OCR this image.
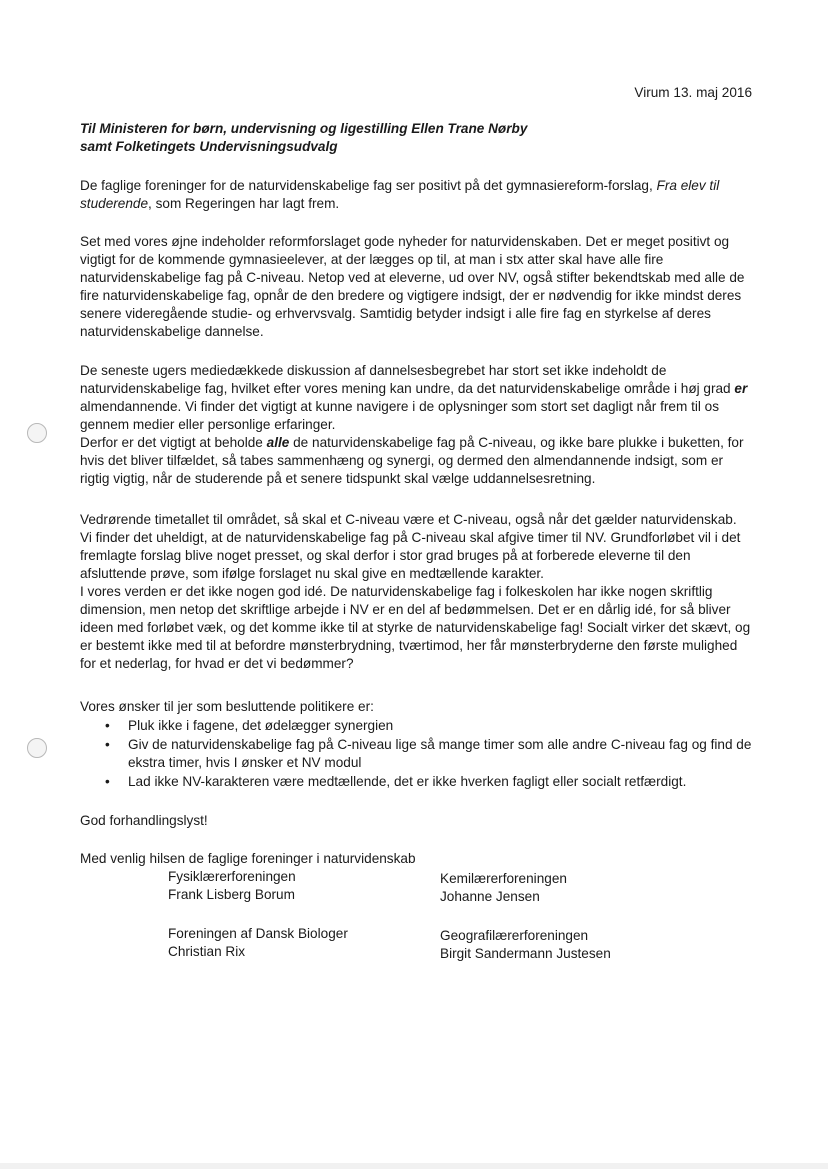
Virum 13. maj 2016
Til Ministeren for børn, undervisning og ligestilling Ellen Trane Nørby
samt Folketingets Undervisningsudvalg

De faglige foreninger for de naturvidenskabelige fag ser positivt på det gymnasiereform-forslag, Fra elev til studerende, som Regeringen har lagt frem.

Set med vores øjne indeholder reformforslaget gode nyheder for naturvidenskaben. Det er meget positivt og vigtigt for de kommende gymnasieelever, at der lægges op til, at man i stx atter skal have alle fire naturvidenskabelige fag på C-niveau. Netop ved at eleverne, ud over NV, også stifter bekendtskab med alle de fire naturvidenskabelige fag, opnår de den bredere og vigtigere indsigt, der er nødvendig for ikke mindst deres senere videregående studie- og erhvervsvalg. Samtidig betyder indsigt i alle fire fag en styrkelse af deres naturvidenskabelige dannelse.

De seneste ugers mediedækkede diskussion af dannelsesbegrebet har stort set ikke indeholdt de naturvidenskabelige fag, hvilket efter vores mening kan undre, da det naturvidenskabelige område i høj grad er almendannende. Vi finder det vigtigt at kunne navigere i de oplysninger som stort set dagligt når frem til os gennem medier eller personlige erfaringer.
Derfor er det vigtigt at beholde alle de naturvidenskabelige fag på C-niveau, og ikke bare plukke i buketten, for hvis det bliver tilfældet, så tabes sammenhæng og synergi, og dermed den almendannende indsigt, som er rigtig vigtig, når de studerende på et senere tidspunkt skal vælge uddannelsesretning.

Vedrørende timetallet til området, så skal et C-niveau være et C-niveau, også når det gælder naturvidenskab. Vi finder det uheldigt, at de naturvidenskabelige fag på C-niveau skal afgive timer til NV. Grundforløbet vil i det fremlagte forslag blive noget presset, og skal derfor i stor grad bruges på at forberede eleverne til den afsluttende prøve, som ifølge forslaget nu skal give en medtællende karakter.
I vores verden er det ikke nogen god idé. De naturvidenskabelige fag i folkeskolen har ikke nogen skriftlig dimension, men netop det skriftlige arbejde i NV er en del af bedømmelsen. Det er en dårlig idé, for så bliver ideen med forløbet væk, og det komme ikke til at styrke de naturvidenskabelige fag! Socialt virker det skævt, og er bestemt ikke med til at befordre mønsterbrydning, tværtimod, her får mønsterbryderne den første mulighed for et nederlag, for hvad er det vi bedømmer?

Vores ønsker til jer som besluttende politikere er:

• Pluk ikke i fagene, det ødelægger synergien
• Giv de naturvidenskabelige fag på C-niveau lige så mange timer som alle andre C-niveau fag og find de ekstra timer, hvis I ønsker et NV modul
• Lad ikke NV-karakteren være medtællende, det er ikke hverken fagligt eller socialt retfærdigt.
God forhandlingslyst!
Med venlig hilsen de faglige foreninger i naturvidenskab
Fysiklærerforeningen
Frank Lisberg Borum
Kemilærerforeningen
Johanne Jensen
Foreningen af Dansk Biologer
Christian Rix
Geografilærerforeningen
Birgit Sandermann Justesen
